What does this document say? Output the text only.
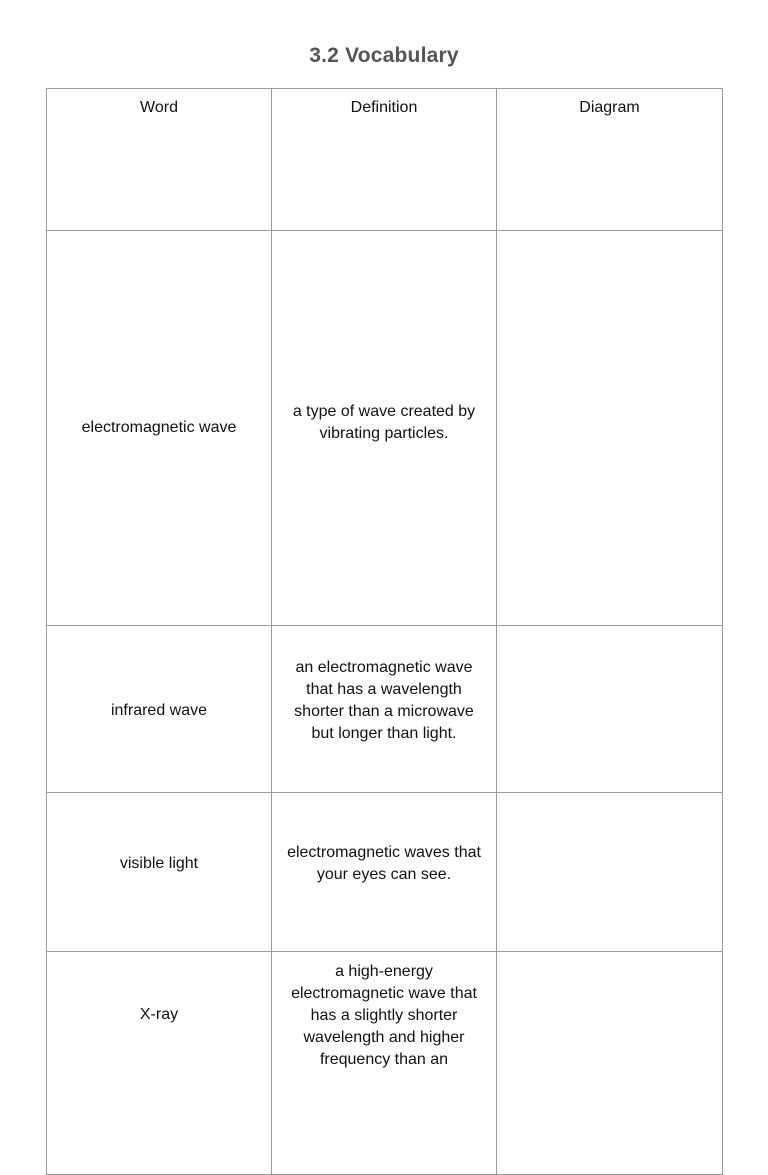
3.2 Vocabulary
Word	Definition	Diagram
electromagnetic wave	a type of wave created by vibrating particles.	
infrared wave	an electromagnetic wave that has a wavelength shorter than a microwave but longer than light.	
visible light	electromagnetic waves that your eyes can see.	
X-ray	a high-energy electromagnetic wave that has a slightly shorter wavelength and higher frequency than an	
